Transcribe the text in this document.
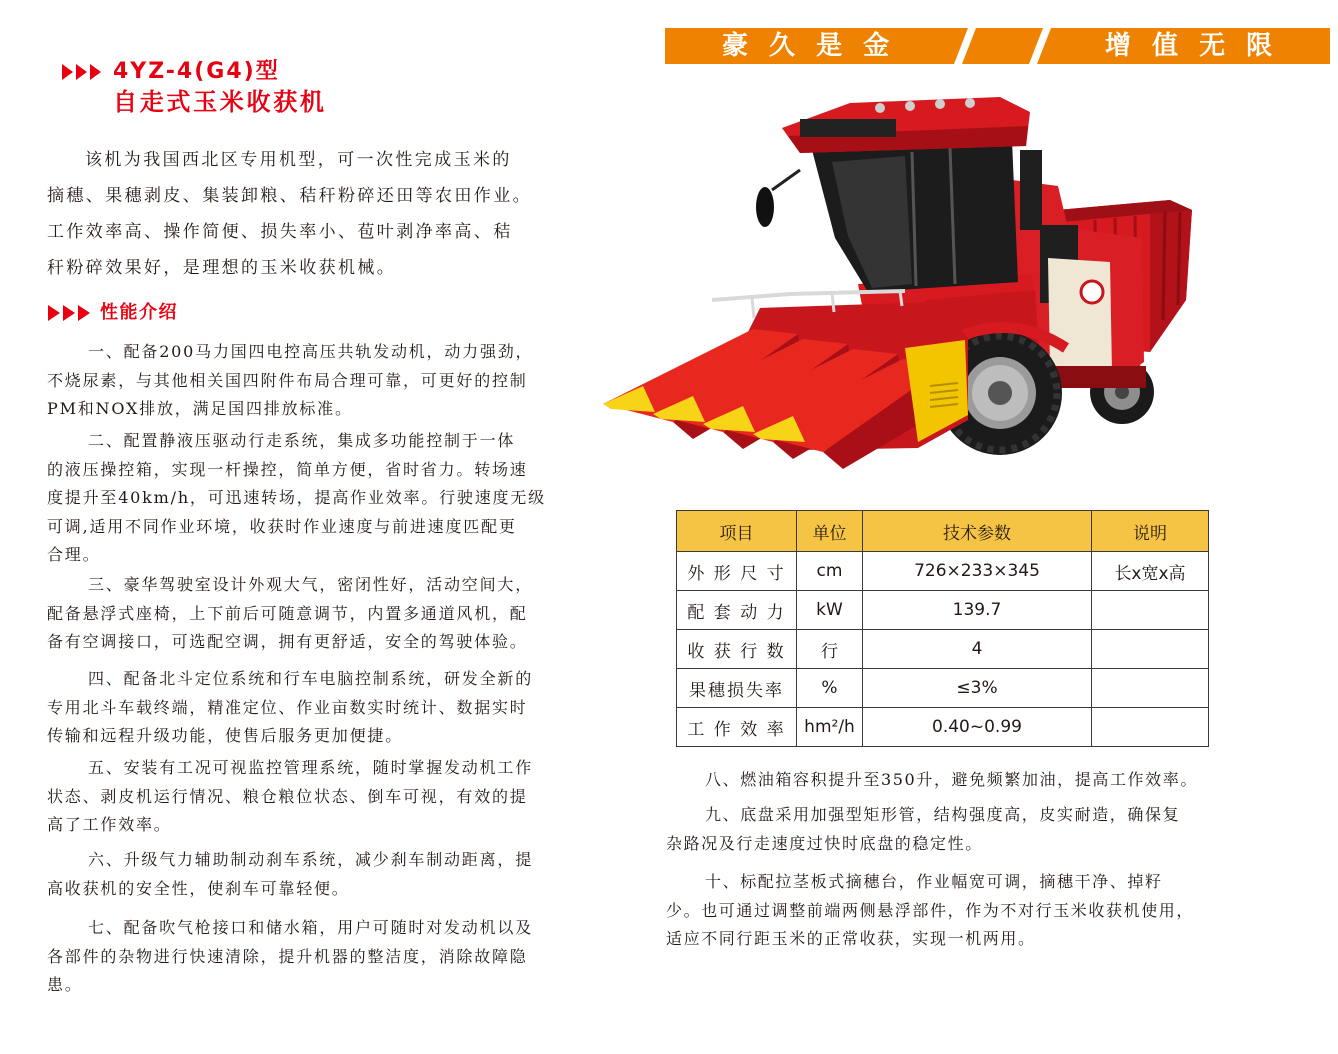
4YZ-4(G4)型
自走式玉米收获机
该机为我国西北区专用机型，可一次性完成玉米的
摘穗、果穗剥皮、集装卸粮、秸秆粉碎还田等农田作业。
工作效率高、操作简便、损失率小、苞叶剥净率高、秸
秆粉碎效果好，是理想的玉米收获机械。
性能介绍
一、配备200马力国四电控高压共轨发动机，动力强劲，
不烧尿素，与其他相关国四附件布局合理可靠，可更好的控制
PM和NOX排放，满足国四排放标准。
二、配置静液压驱动行走系统，集成多功能控制于一体
的液压操控箱，实现一杆操控，简单方便，省时省力。转场速
度提升至40km/h，可迅速转场，提高作业效率。行驶速度无级
可调,适用不同作业环境，收获时作业速度与前进速度匹配更
合理。
三、豪华驾驶室设计外观大气，密闭性好，活动空间大，
配备悬浮式座椅，上下前后可随意调节，内置多通道风机，配
备有空调接口，可选配空调，拥有更舒适，安全的驾驶体验。
四、配备北斗定位系统和行车电脑控制系统，研发全新的
专用北斗车载终端，精准定位、作业亩数实时统计、数据实时
传输和远程升级功能，使售后服务更加便捷。
五、安装有工况可视监控管理系统，随时掌握发动机工作
状态、剥皮机运行情况、粮仓粮位状态、倒车可视，有效的提
高了工作效率。
六、升级气力辅助制动刹车系统，减少刹车制动距离，提
高收获机的安全性，使刹车可靠轻便。
七、配备吹气枪接口和储水箱，用户可随时对发动机以及
各部件的杂物进行快速清除，提升机器的整洁度，消除故障隐
患。
豪 久 是 金	增 值 无 限
项目	单位	技术参数	说明
外 形 尺 寸	cm	726×233×345	长x宽x高
配 套 动 力	kW	139.7	
收 获 行 数	行	4	
果穗损失率	%	≤3%	
工 作 效 率	hm²/h	0.40~0.99	
八、燃油箱容积提升至350升，避免频繁加油，提高工作效率。
九、底盘采用加强型矩形管，结构强度高，皮实耐造，确保复
杂路况及行走速度过快时底盘的稳定性。
十、标配拉茎板式摘穗台，作业幅宽可调，摘穗干净、掉籽
少。也可通过调整前端两侧悬浮部件，作为不对行玉米收获机使用，
适应不同行距玉米的正常收获，实现一机两用。
